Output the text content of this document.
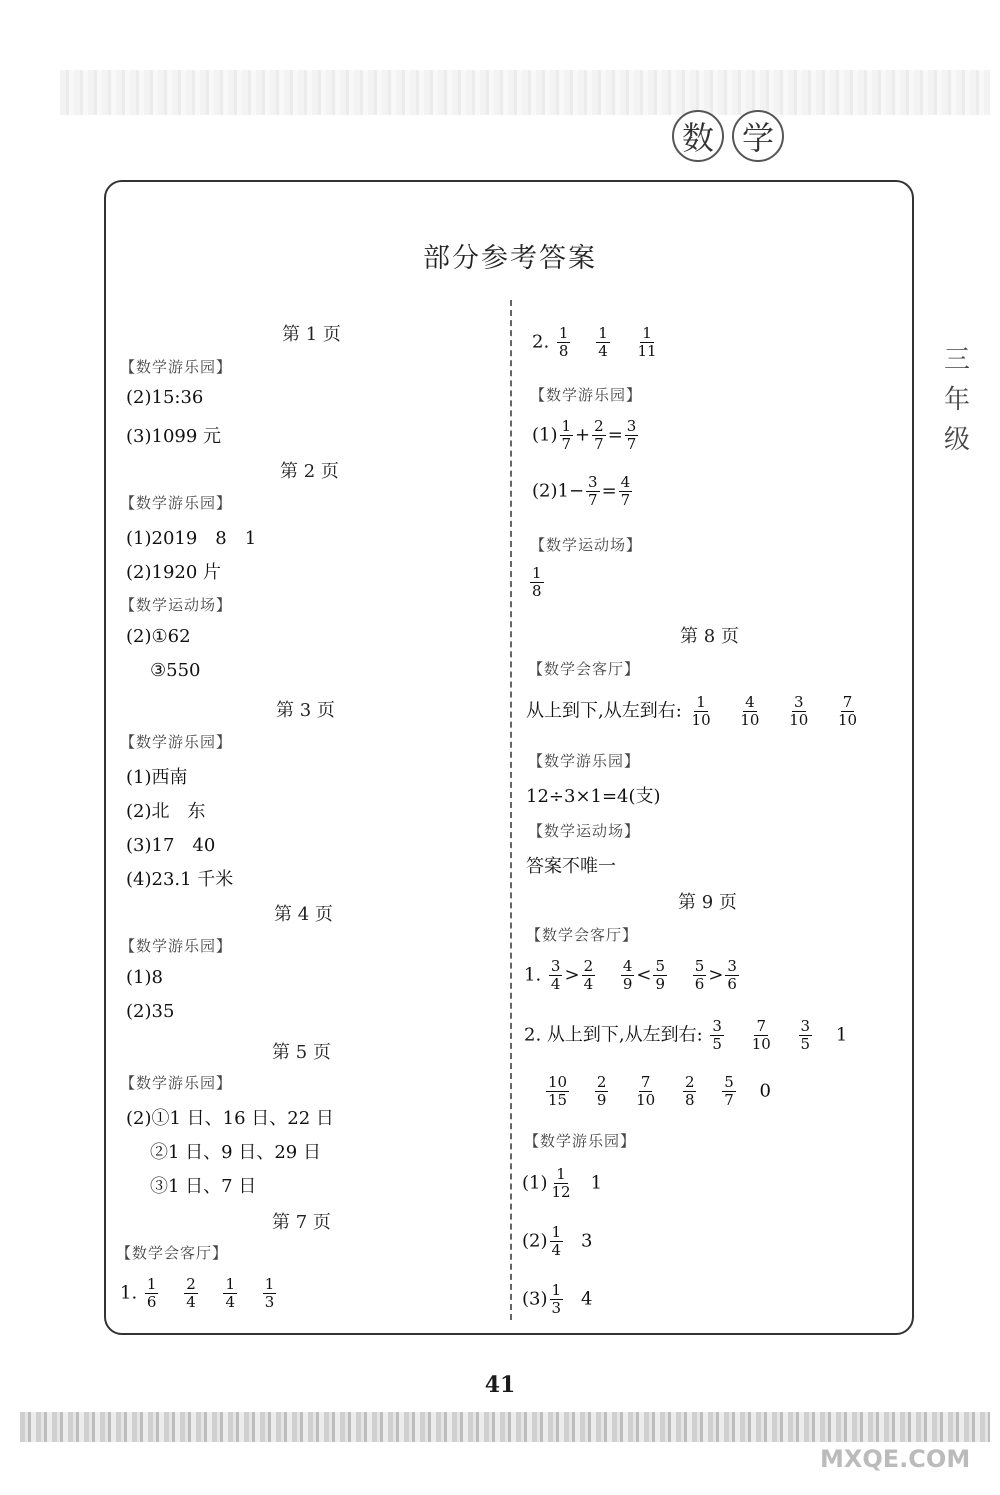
数 学
三
年
级
部分参考答案
第 1 页
【数学游乐园】
(2)15:36
(3)1099 元
第 2 页
【数学游乐园】
(1)2019　8　1
(2)1920 片
【数学运动场】
(2)①62
③550
第 3 页
【数学游乐园】
(1)西南
(2)北　东
(3)17　40
(4)23.1 千米
第 4 页
【数学游乐园】
(1)8
(2)35
第 5 页
【数学游乐园】
(2)①1 日、16 日、22 日
②1 日、9 日、29 日
③1 日、7 日
第 7 页
【数学会客厅】
1. $\frac{1}{6}$
$\frac{2}{4}$
$\frac{1}{4}$
$\frac{1}{3}$
2. $\frac{1}{8}$
$\frac{1}{4}$
$\frac{1}{11}$
【数学游乐园】
$(1) \frac{1}{7} + \frac{2}{7} = \frac{3}{7}$
$(2)1- \frac{3}{7} = \frac{4}{7}$
【数学运动场】
$\frac{1}{8}$
第 8 页
【数学会客厅】
从上到下,从左到右: $\frac{1}{10}$
$\frac{4}{10}$
$\frac{3}{10}$
$\frac{7}{10}$
【数学游乐园】
12÷3×1=4(支)
【数学运动场】
答案不唯一
第 9 页
【数学会客厅】
1. $\frac{3}{4} > \frac{2}{4}$
$\frac{4}{9} < \frac{5}{9}$
$\frac{5}{6} > \frac{3}{6}$
2. 从上到下,从左到右: $\frac{3}{5}$
$\frac{7}{10}$
$\frac{3}{5} 1$
$\frac{10}{15}$
$\frac{2}{9}$
$\frac{7}{10}$
$\frac{2}{8}$
$\frac{5}{7} 0$
【数学游乐园】
$(1) \frac{1}{12} 1$
$(2) \frac{1}{4} 3$
$(3) \frac{1}{3} 4$
41
MXQE.COM
